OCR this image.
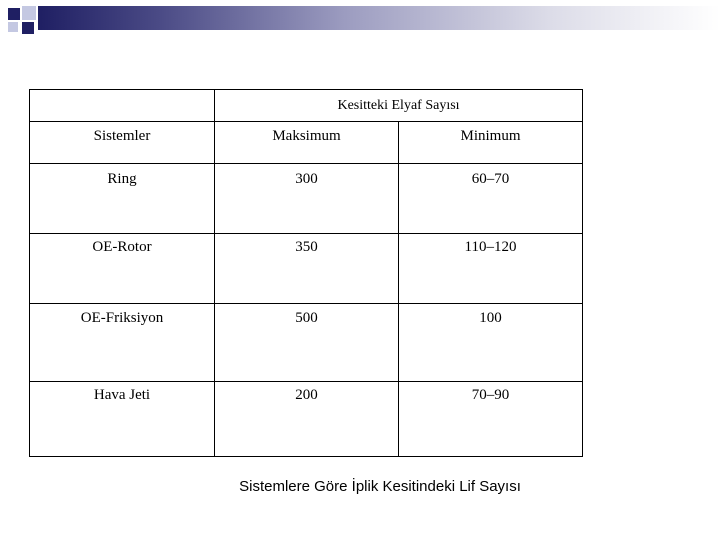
	Kesitteki Elyaf Sayısı	
Sistemler	Maksimum	Minimum
Ring	300	60–70
OE-Rotor	350	110–120
OE-Friksiyon	500	100
Hava Jeti	200	70–90
Sistemlere Göre İplik Kesitindeki Lif Sayısı
